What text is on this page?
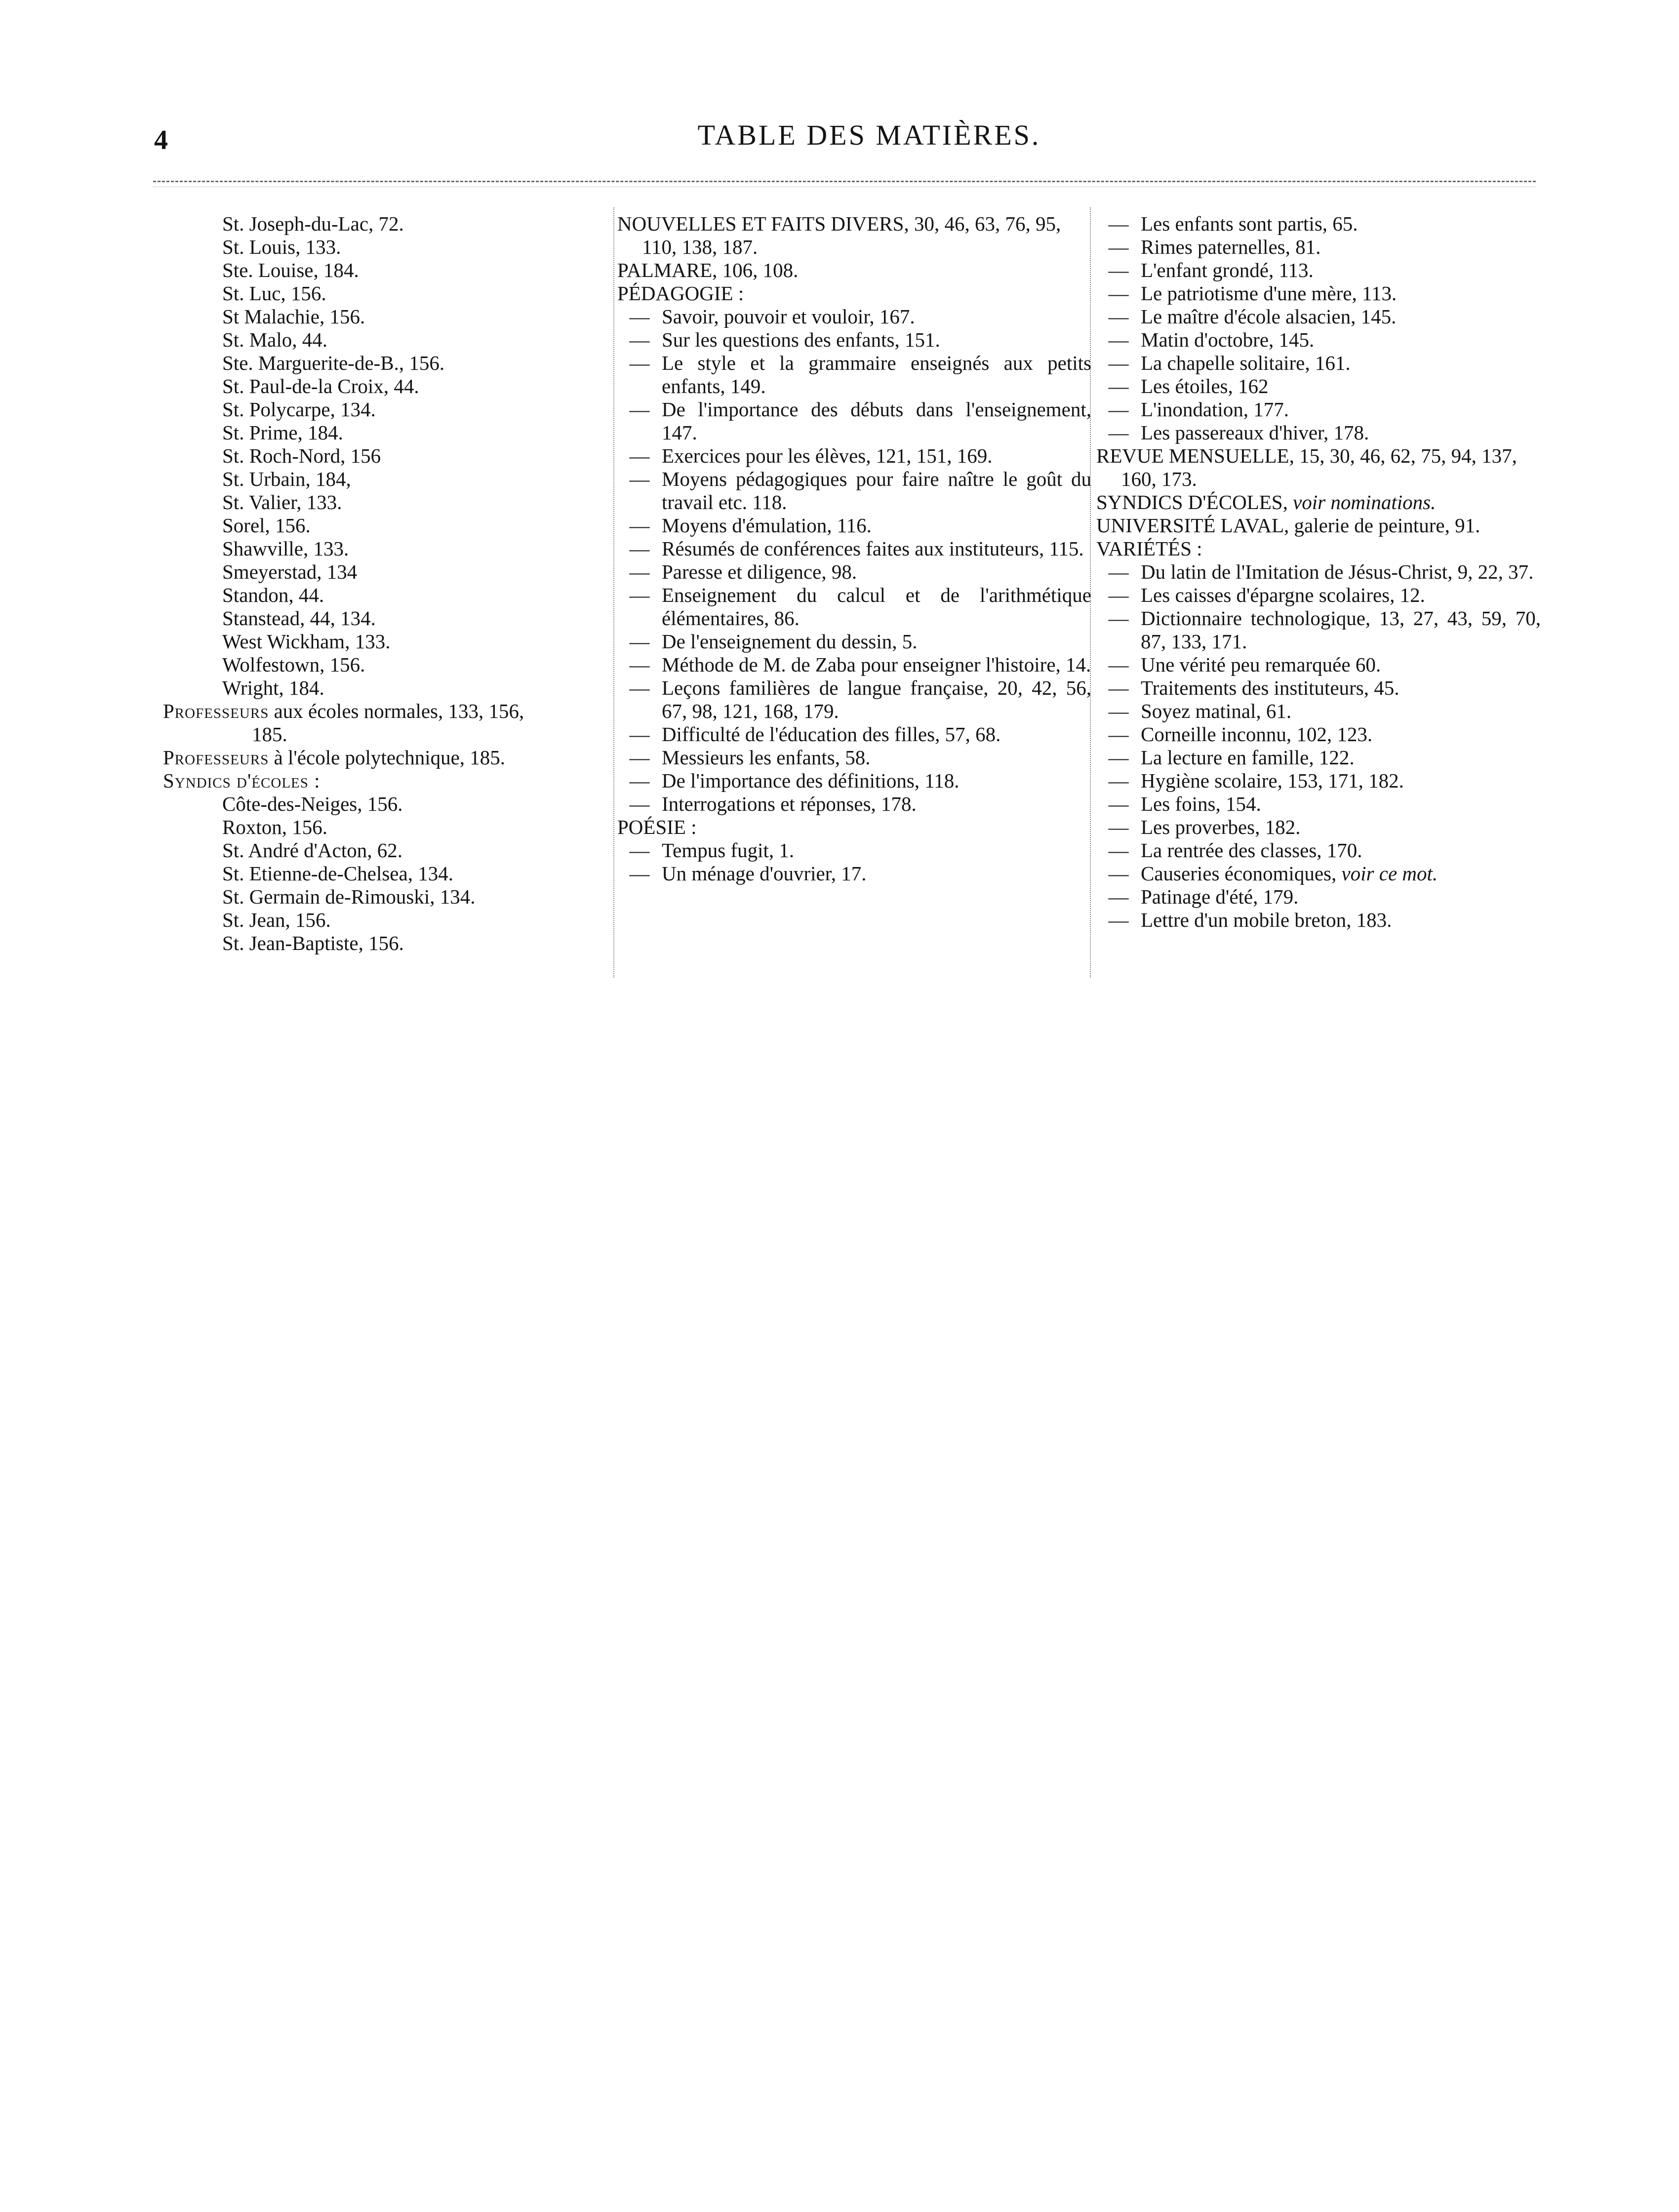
4	TABLE DES MATIÈRES.
St. Joseph-du-Lac, 72.
St. Louis, 133.
Ste. Louise, 184.
St. Luc, 156.
St Malachie, 156.
St. Malo, 44.
Ste. Marguerite-de-B., 156.
St. Paul-de-la Croix, 44.
St. Polycarpe, 134.
St. Prime, 184.
St. Roch-Nord, 156
St. Urbain, 184,
St. Valier, 133.
Sorel, 156.
Shawville, 133.
Smeyerstad, 134
Standon, 44.
Stanstead, 44, 134.
West Wickham, 133.
Wolfestown, 156.
Wright, 184.
Professeurs aux écoles normales, 133, 156,
185.
Professeurs à l'école polytechnique, 185.
Syndics d'écoles :
Côte-des-Neiges, 156.
Roxton, 156.
St. André d'Acton, 62.
St. Etienne-de-Chelsea, 134.
St. Germain de-Rimouski, 134.
St. Jean, 156.
St. Jean-Baptiste, 156.
NOUVELLES ET FAITS DIVERS, 30, 46, 63, 76, 95, 110, 138, 187.
PALMARE, 106, 108.
PÉDAGOGIE :
— Savoir, pouvoir et vouloir, 167.
— Sur les questions des enfants, 151.
— Le style et la grammaire enseignés aux petits enfants, 149.
— De l'importance des débuts dans l'enseignement, 147.
— Exercices pour les élèves, 121, 151, 169.
— Moyens pédagogiques pour faire naître le goût du travail etc. 118.
— Moyens d'émulation, 116.
— Résumés de conférences faites aux instituteurs, 115.
— Paresse et diligence, 98.
— Enseignement du calcul et de l'arithmétique élémentaires, 86.
— De l'enseignement du dessin, 5.
— Méthode de M. de Zaba pour enseigner l'histoire, 14.
— Leçons familières de langue française, 20, 42, 56, 67, 98, 121, 168, 179.
— Difficulté de l'éducation des filles, 57, 68.
— Messieurs les enfants, 58.
— De l'importance des définitions, 118.
— Interrogations et réponses, 178.
POÉSIE :
— Tempus fugit, 1.
— Un ménage d'ouvrier, 17.
— Les enfants sont partis, 65.
— Rimes paternelles, 81.
— L'enfant grondé, 113.
— Le patriotisme d'une mère, 113.
— Le maître d'école alsacien, 145.
— Matin d'octobre, 145.
— La chapelle solitaire, 161.
— Les étoiles, 162
— L'inondation, 177.
— Les passereaux d'hiver, 178.
REVUE MENSUELLE, 15, 30, 46, 62, 75, 94, 137, 160, 173.
SYNDICS D'ÉCOLES, voir nominations.
UNIVERSITÉ LAVAL, galerie de peinture, 91.
VARIÉTÉS :
— Du latin de l'Imitation de Jésus-Christ, 9, 22, 37.
— Les caisses d'épargne scolaires, 12.
— Dictionnaire technologique, 13, 27, 43, 59, 70, 87, 133, 171.
— Une vérité peu remarquée 60.
— Traitements des instituteurs, 45.
— Soyez matinal, 61.
— Corneille inconnu, 102, 123.
— La lecture en famille, 122.
— Hygiène scolaire, 153, 171, 182.
— Les foins, 154.
— Les proverbes, 182.
— La rentrée des classes, 170.
— Causeries économiques, voir ce mot.
— Patinage d'été, 179.
— Lettre d'un mobile breton, 183.
